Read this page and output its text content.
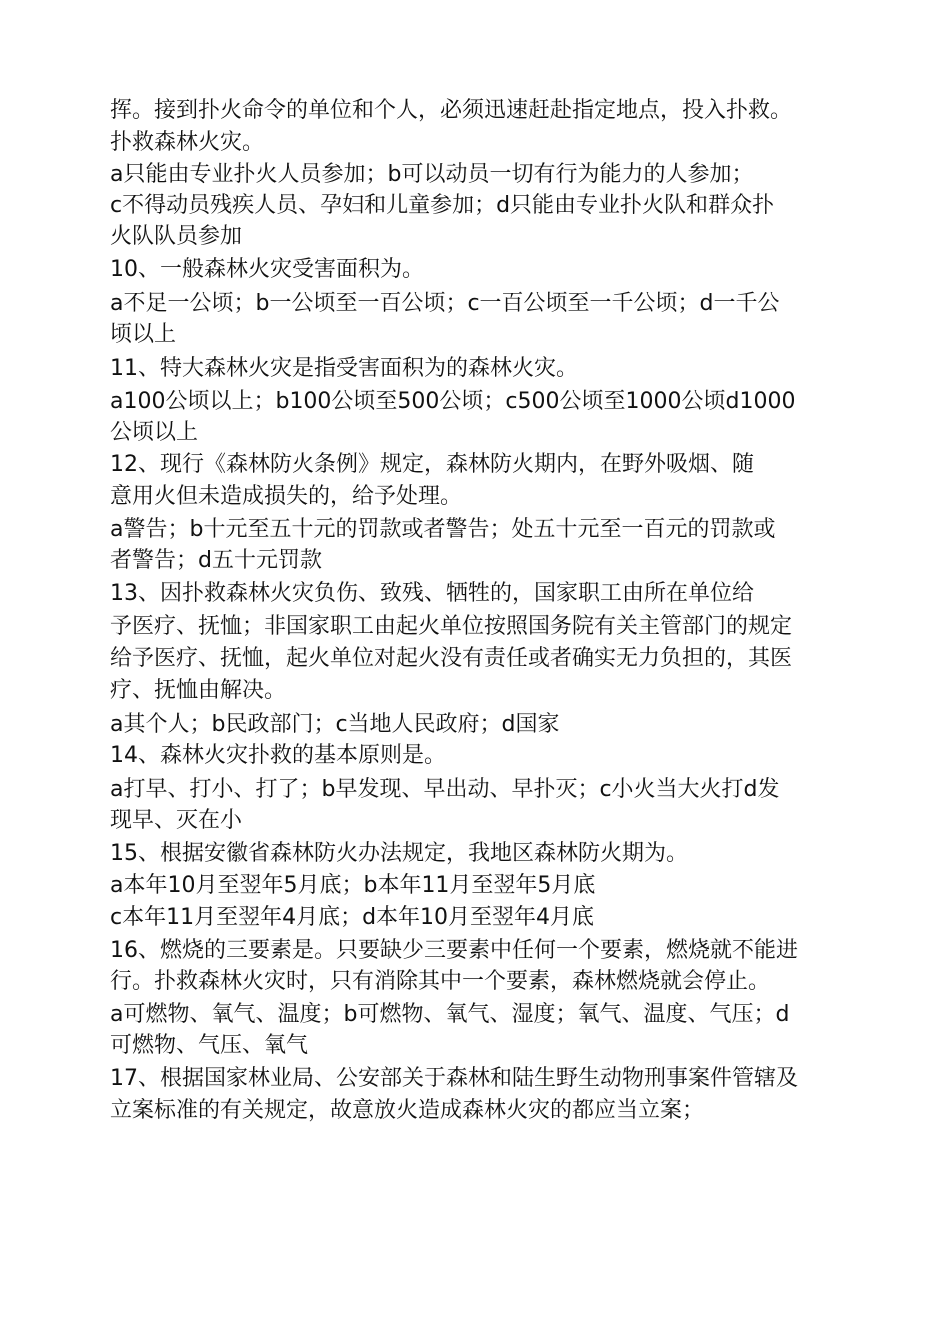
挥。接到扑火命令的单位和个人，必须迅速赶赴指定地点，投入扑救。
扑救森林火灾。
a只能由专业扑火人员参加；b可以动员一切有行为能力的人参加；
c不得动员残疾人员、孕妇和儿童参加；d只能由专业扑火队和群众扑
火队队员参加
10、一般森林火灾受害面积为。
a不足一公顷；b一公顷至一百公顷；c一百公顷至一千公顷；d一千公
顷以上
11、特大森林火灾是指受害面积为的森林火灾。
a100公顷以上；b100公顷至500公顷；c500公顷至1000公顷d1000
公顷以上
12、现行《森林防火条例》规定，森林防火期内，在野外吸烟、随
意用火但未造成损失的，给予处理。
a警告；b十元至五十元的罚款或者警告；处五十元至一百元的罚款或
者警告；d五十元罚款
13、因扑救森林火灾负伤、致残、牺牲的，国家职工由所在单位给
予医疗、抚恤；非国家职工由起火单位按照国务院有关主管部门的规定
给予医疗、抚恤，起火单位对起火没有责任或者确实无力负担的，其医
疗、抚恤由解决。
a其个人；b民政部门；c当地人民政府；d国家
14、森林火灾扑救的基本原则是。
a打早、打小、打了；b早发现、早出动、早扑灭；c小火当大火打d发
现早、灭在小
15、根据安徽省森林防火办法规定，我地区森林防火期为。
a本年10月至翌年5月底；b本年11月至翌年5月底
c本年11月至翌年4月底；d本年10月至翌年4月底
16、燃烧的三要素是。只要缺少三要素中任何一个要素，燃烧就不能进
行。扑救森林火灾时，只有消除其中一个要素，森林燃烧就会停止。
a可燃物、氧气、温度；b可燃物、氧气、湿度；氧气、温度、气压；d
可燃物、气压、氧气
17、根据国家林业局、公安部关于森林和陆生野生动物刑事案件管辖及
立案标准的有关规定，故意放火造成森林火灾的都应当立案；
